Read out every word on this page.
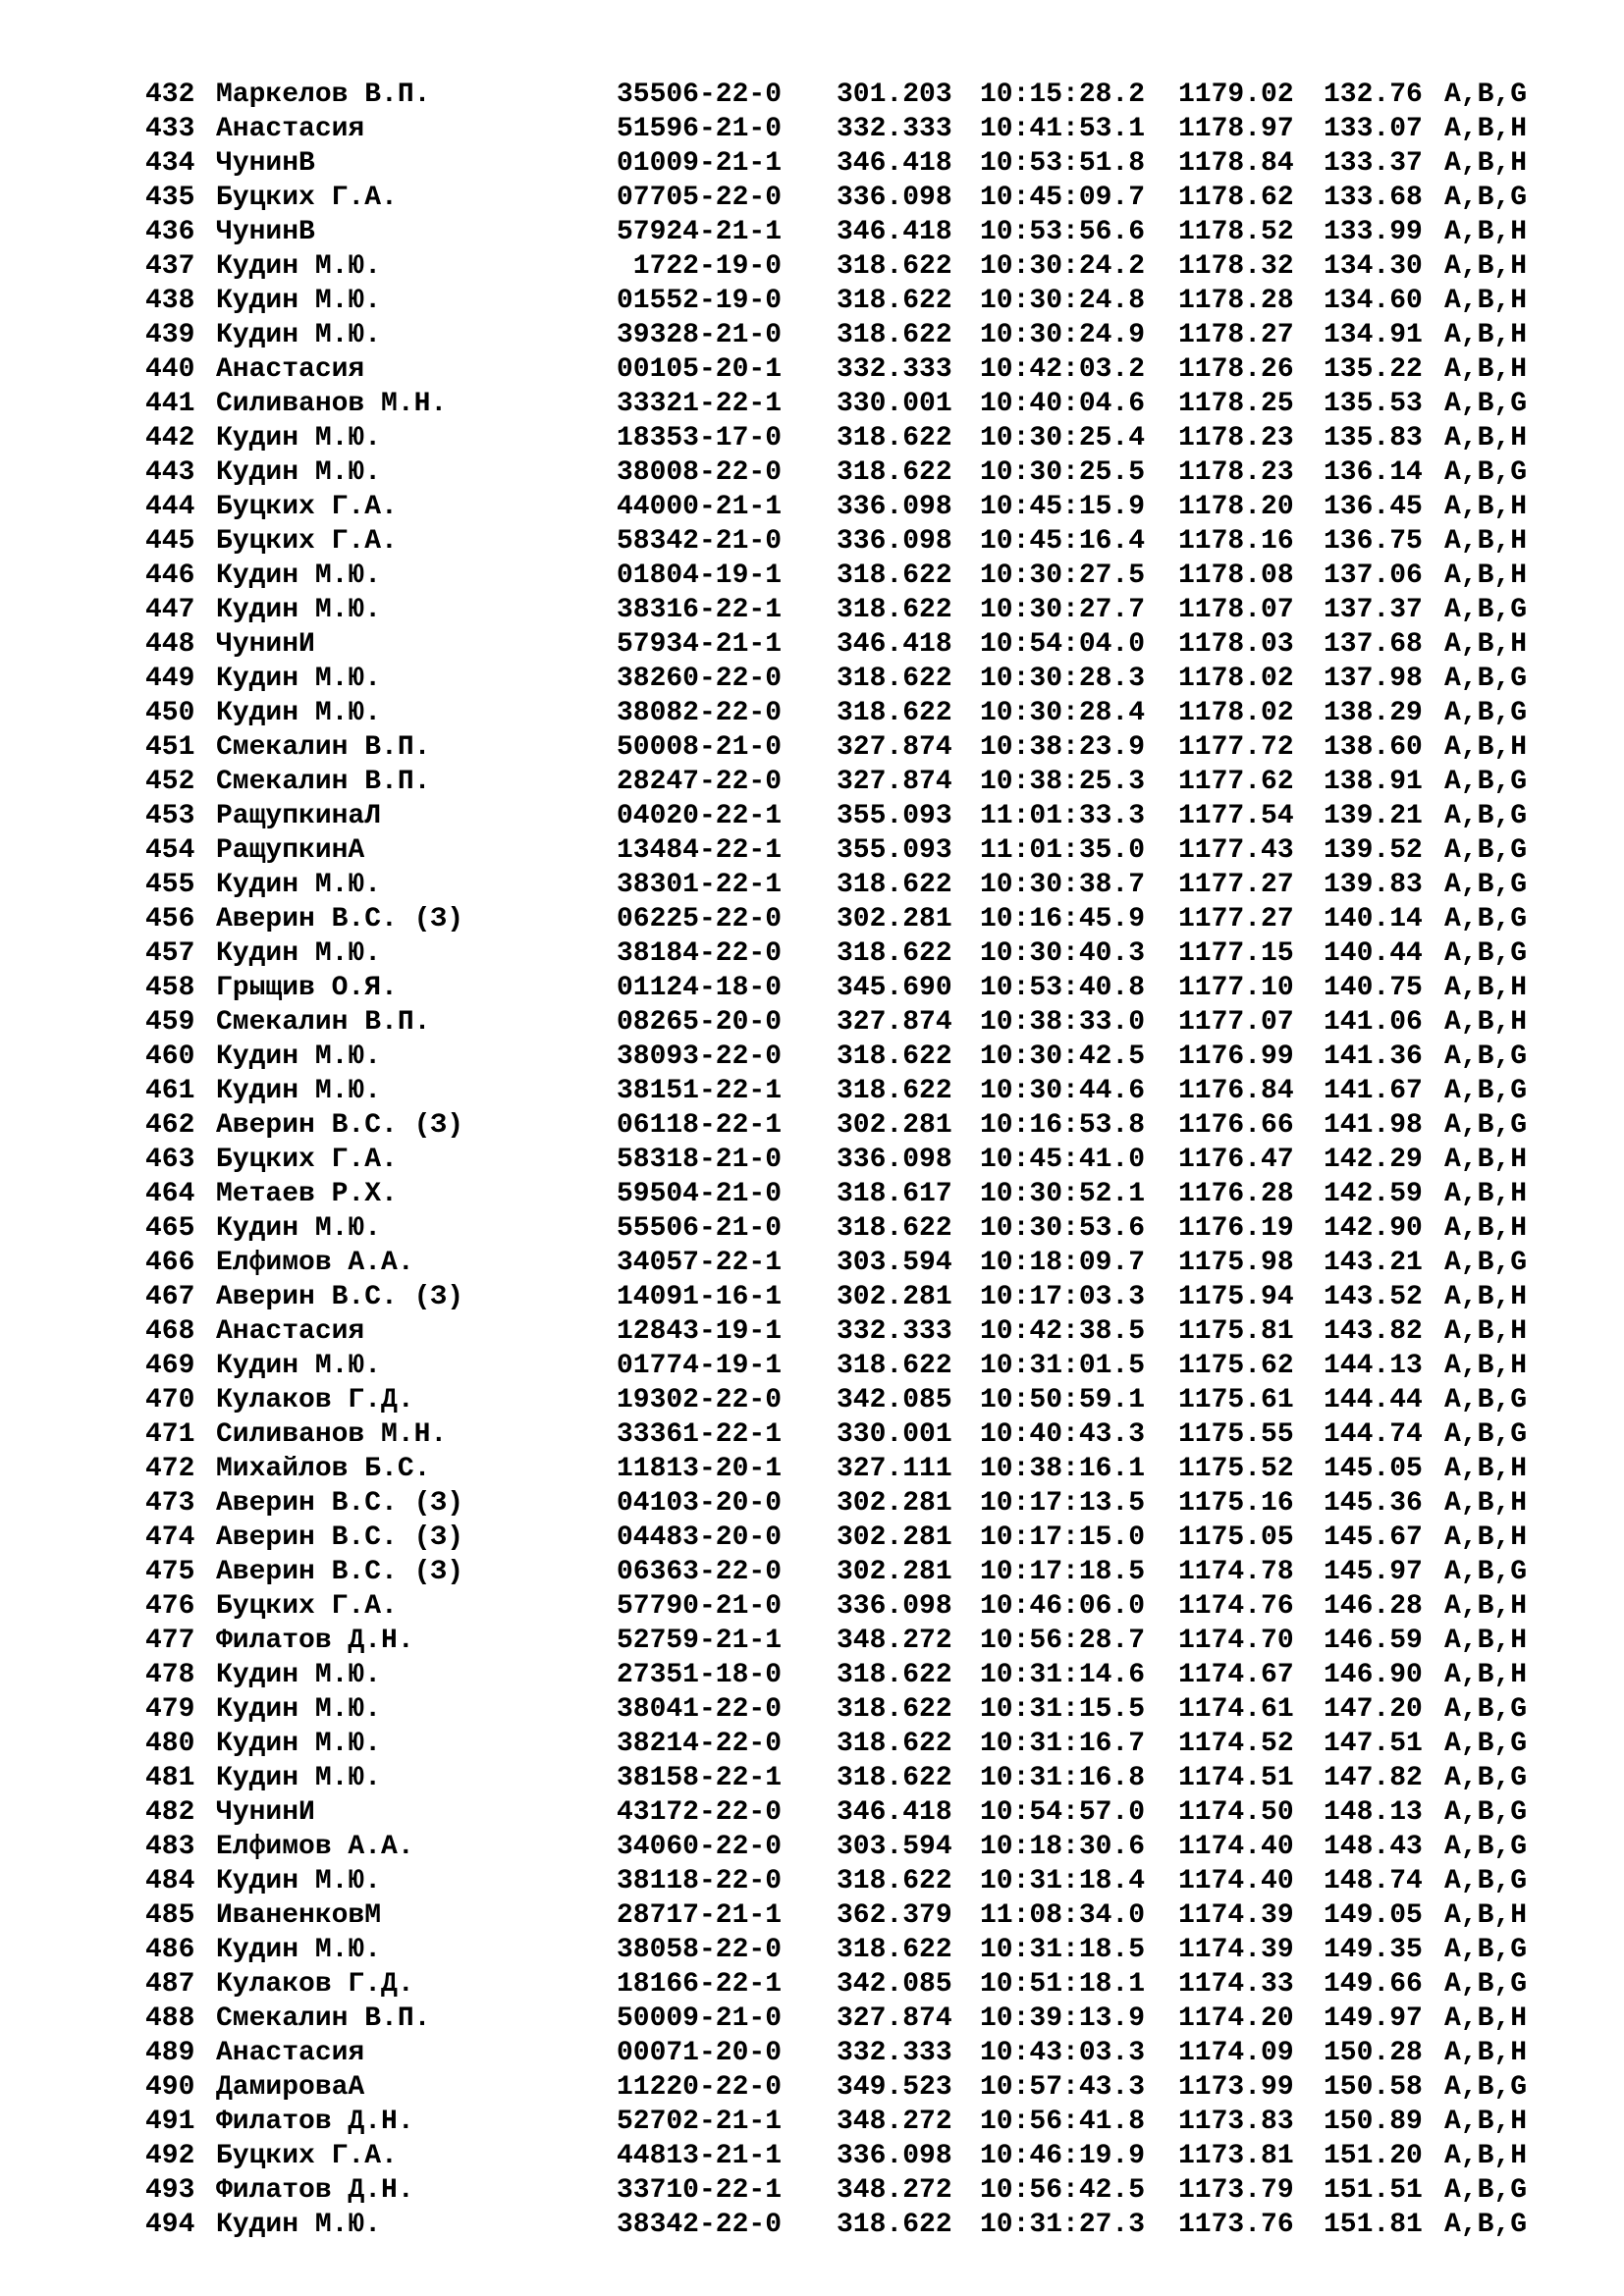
432 Маркелов В.П.	35506-22-0 301.203 10:15:28.2 1179.02 132.76 A,B,G
433 Анастасия	51596-21-0 332.333 10:41:53.1 1178.97 133.07 A,B,H
434 ЧунинВ	01009-21-1 346.418 10:53:51.8 1178.84 133.37 A,B,H
435 Буцких Г.А.	07705-22-0 336.098 10:45:09.7 1178.62 133.68 A,B,G
436 ЧунинВ	57924-21-1 346.418 10:53:56.6 1178.52 133.99 A,B,H
437 Кудин М.Ю.	1722-19-0 318.622 10:30:24.2 1178.32 134.30 A,B,H
438 Кудин М.Ю.	01552-19-0 318.622 10:30:24.8 1178.28 134.60 A,B,H
439 Кудин М.Ю.	39328-21-0 318.622 10:30:24.9 1178.27 134.91 A,B,H
440 Анастасия	00105-20-1 332.333 10:42:03.2 1178.26 135.22 A,B,H
441 Силиванов М.Н.	33321-22-1 330.001 10:40:04.6 1178.25 135.53 A,B,G
442 Кудин М.Ю.	18353-17-0 318.622 10:30:25.4 1178.23 135.83 A,B,H
443 Кудин М.Ю.	38008-22-0 318.622 10:30:25.5 1178.23 136.14 A,B,G
444 Буцких Г.А.	44000-21-1 336.098 10:45:15.9 1178.20 136.45 A,B,H
445 Буцких Г.А.	58342-21-0 336.098 10:45:16.4 1178.16 136.75 A,B,H
446 Кудин М.Ю.	01804-19-1 318.622 10:30:27.5 1178.08 137.06 A,B,H
447 Кудин М.Ю.	38316-22-1 318.622 10:30:27.7 1178.07 137.37 A,B,G
448 ЧунинИ	57934-21-1 346.418 10:54:04.0 1178.03 137.68 A,B,H
449 Кудин М.Ю.	38260-22-0 318.622 10:30:28.3 1178.02 137.98 A,B,G
450 Кудин М.Ю.	38082-22-0 318.622 10:30:28.4 1178.02 138.29 A,B,G
451 Смекалин В.П.	50008-21-0 327.874 10:38:23.9 1177.72 138.60 A,B,H
452 Смекалин В.П.	28247-22-0 327.874 10:38:25.3 1177.62 138.91 A,B,G
453 РащупкинаЛ	04020-22-1 355.093 11:01:33.3 1177.54 139.21 A,B,G
454 РащупкинА	13484-22-1 355.093 11:01:35.0 1177.43 139.52 A,B,G
455 Кудин М.Ю.	38301-22-1 318.622 10:30:38.7 1177.27 139.83 A,B,G
456 Аверин В.С. (З)	06225-22-0 302.281 10:16:45.9 1177.27 140.14 A,B,G
457 Кудин М.Ю.	38184-22-0 318.622 10:30:40.3 1177.15 140.44 A,B,G
458 Грыщив О.Я.	01124-18-0 345.690 10:53:40.8 1177.10 140.75 A,B,H
459 Смекалин В.П.	08265-20-0 327.874 10:38:33.0 1177.07 141.06 A,B,H
460 Кудин М.Ю.	38093-22-0 318.622 10:30:42.5 1176.99 141.36 A,B,G
461 Кудин М.Ю.	38151-22-1 318.622 10:30:44.6 1176.84 141.67 A,B,G
462 Аверин В.С. (З)	06118-22-1 302.281 10:16:53.8 1176.66 141.98 A,B,G
463 Буцких Г.А.	58318-21-0 336.098 10:45:41.0 1176.47 142.29 A,B,H
464 Метаев Р.Х.	59504-21-0 318.617 10:30:52.1 1176.28 142.59 A,B,H
465 Кудин М.Ю.	55506-21-0 318.622 10:30:53.6 1176.19 142.90 A,B,H
466 Елфимов А.А.	34057-22-1 303.594 10:18:09.7 1175.98 143.21 A,B,G
467 Аверин В.С. (З)	14091-16-1 302.281 10:17:03.3 1175.94 143.52 A,B,H
468 Анастасия	12843-19-1 332.333 10:42:38.5 1175.81 143.82 A,B,H
469 Кудин М.Ю.	01774-19-1 318.622 10:31:01.5 1175.62 144.13 A,B,H
470 Кулаков Г.Д.	19302-22-0 342.085 10:50:59.1 1175.61 144.44 A,B,G
471 Силиванов М.Н.	33361-22-1 330.001 10:40:43.3 1175.55 144.74 A,B,G
472 Михайлов Б.С.	11813-20-1 327.111 10:38:16.1 1175.52 145.05 A,B,H
473 Аверин В.С. (З)	04103-20-0 302.281 10:17:13.5 1175.16 145.36 A,B,H
474 Аверин В.С. (З)	04483-20-0 302.281 10:17:15.0 1175.05 145.67 A,B,H
475 Аверин В.С. (З)	06363-22-0 302.281 10:17:18.5 1174.78 145.97 A,B,G
476 Буцких Г.А.	57790-21-0 336.098 10:46:06.0 1174.76 146.28 A,B,H
477 Филатов Д.Н.	52759-21-1 348.272 10:56:28.7 1174.70 146.59 A,B,H
478 Кудин М.Ю.	27351-18-0 318.622 10:31:14.6 1174.67 146.90 A,B,H
479 Кудин М.Ю.	38041-22-0 318.622 10:31:15.5 1174.61 147.20 A,B,G
480 Кудин М.Ю.	38214-22-0 318.622 10:31:16.7 1174.52 147.51 A,B,G
481 Кудин М.Ю.	38158-22-1 318.622 10:31:16.8 1174.51 147.82 A,B,G
482 ЧунинИ	43172-22-0 346.418 10:54:57.0 1174.50 148.13 A,B,G
483 Елфимов А.А.	34060-22-0 303.594 10:18:30.6 1174.40 148.43 A,B,G
484 Кудин М.Ю.	38118-22-0 318.622 10:31:18.4 1174.40 148.74 A,B,G
485 ИваненковМ	28717-21-1 362.379 11:08:34.0 1174.39 149.05 A,B,H
486 Кудин М.Ю.	38058-22-0 318.622 10:31:18.5 1174.39 149.35 A,B,G
487 Кулаков Г.Д.	18166-22-1 342.085 10:51:18.1 1174.33 149.66 A,B,G
488 Смекалин В.П.	50009-21-0 327.874 10:39:13.9 1174.20 149.97 A,B,H
489 Анастасия	00071-20-0 332.333 10:43:03.3 1174.09 150.28 A,B,H
490 ДамироваА	11220-22-0 349.523 10:57:43.3 1173.99 150.58 A,B,G
491 Филатов Д.Н.	52702-21-1 348.272 10:56:41.8 1173.83 150.89 A,B,H
492 Буцких Г.А.	44813-21-1 336.098 10:46:19.9 1173.81 151.20 A,B,H
493 Филатов Д.Н.	33710-22-1 348.272 10:56:42.5 1173.79 151.51 A,B,G
494 Кудин М.Ю.	38342-22-0 318.622 10:31:27.3 1173.76 151.81 A,B,G
